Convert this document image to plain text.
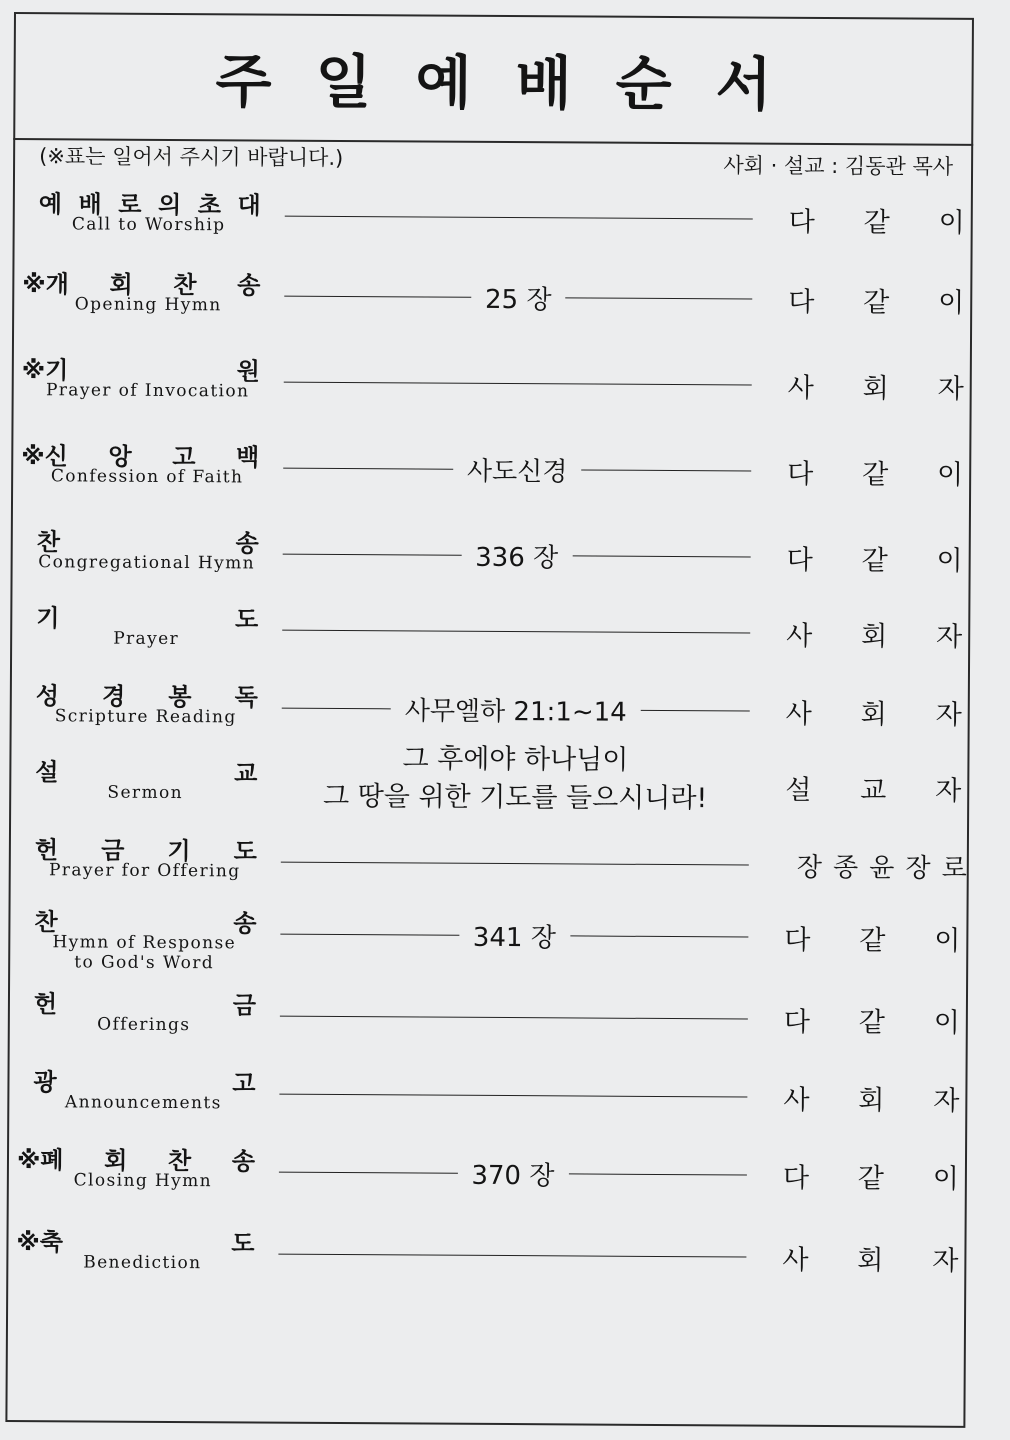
주일예배순서
(※표는 일어서 주시기 바랍니다.)	사회 · 설교 : 김동관 목사
예 배 로 의 초 대
Call to Worship	다 같 이
※개 회 찬 송
Opening Hymn	25 장	다 같 이
※기	원
Prayer of Invocation	사 회 자
※신 앙 고 백
Confession of Faith	사도신경	다 같 이
찬	송
Congregational Hymn	336 장	다 같 이
기	도
Prayer	사 회 자
성 경 봉 독
Scripture Reading	사무엘하 21:1~14	사 회 자
설	교
Sermon
그 후에야 하나님이
그 땅을 위한 기도를 들으시니라!	설 교 자
헌 금 기 도
Prayer for Offering	장 종 윤 장 로
찬	송
Hymn of Response
to God's Word
341 장	다 같 이
헌	금
Offerings	다 같 이
광	고
Announcements	사 회 자
※폐 회 찬 송
Closing Hymn	370 장	다 같 이
※축	도
Benediction	사 회 자
